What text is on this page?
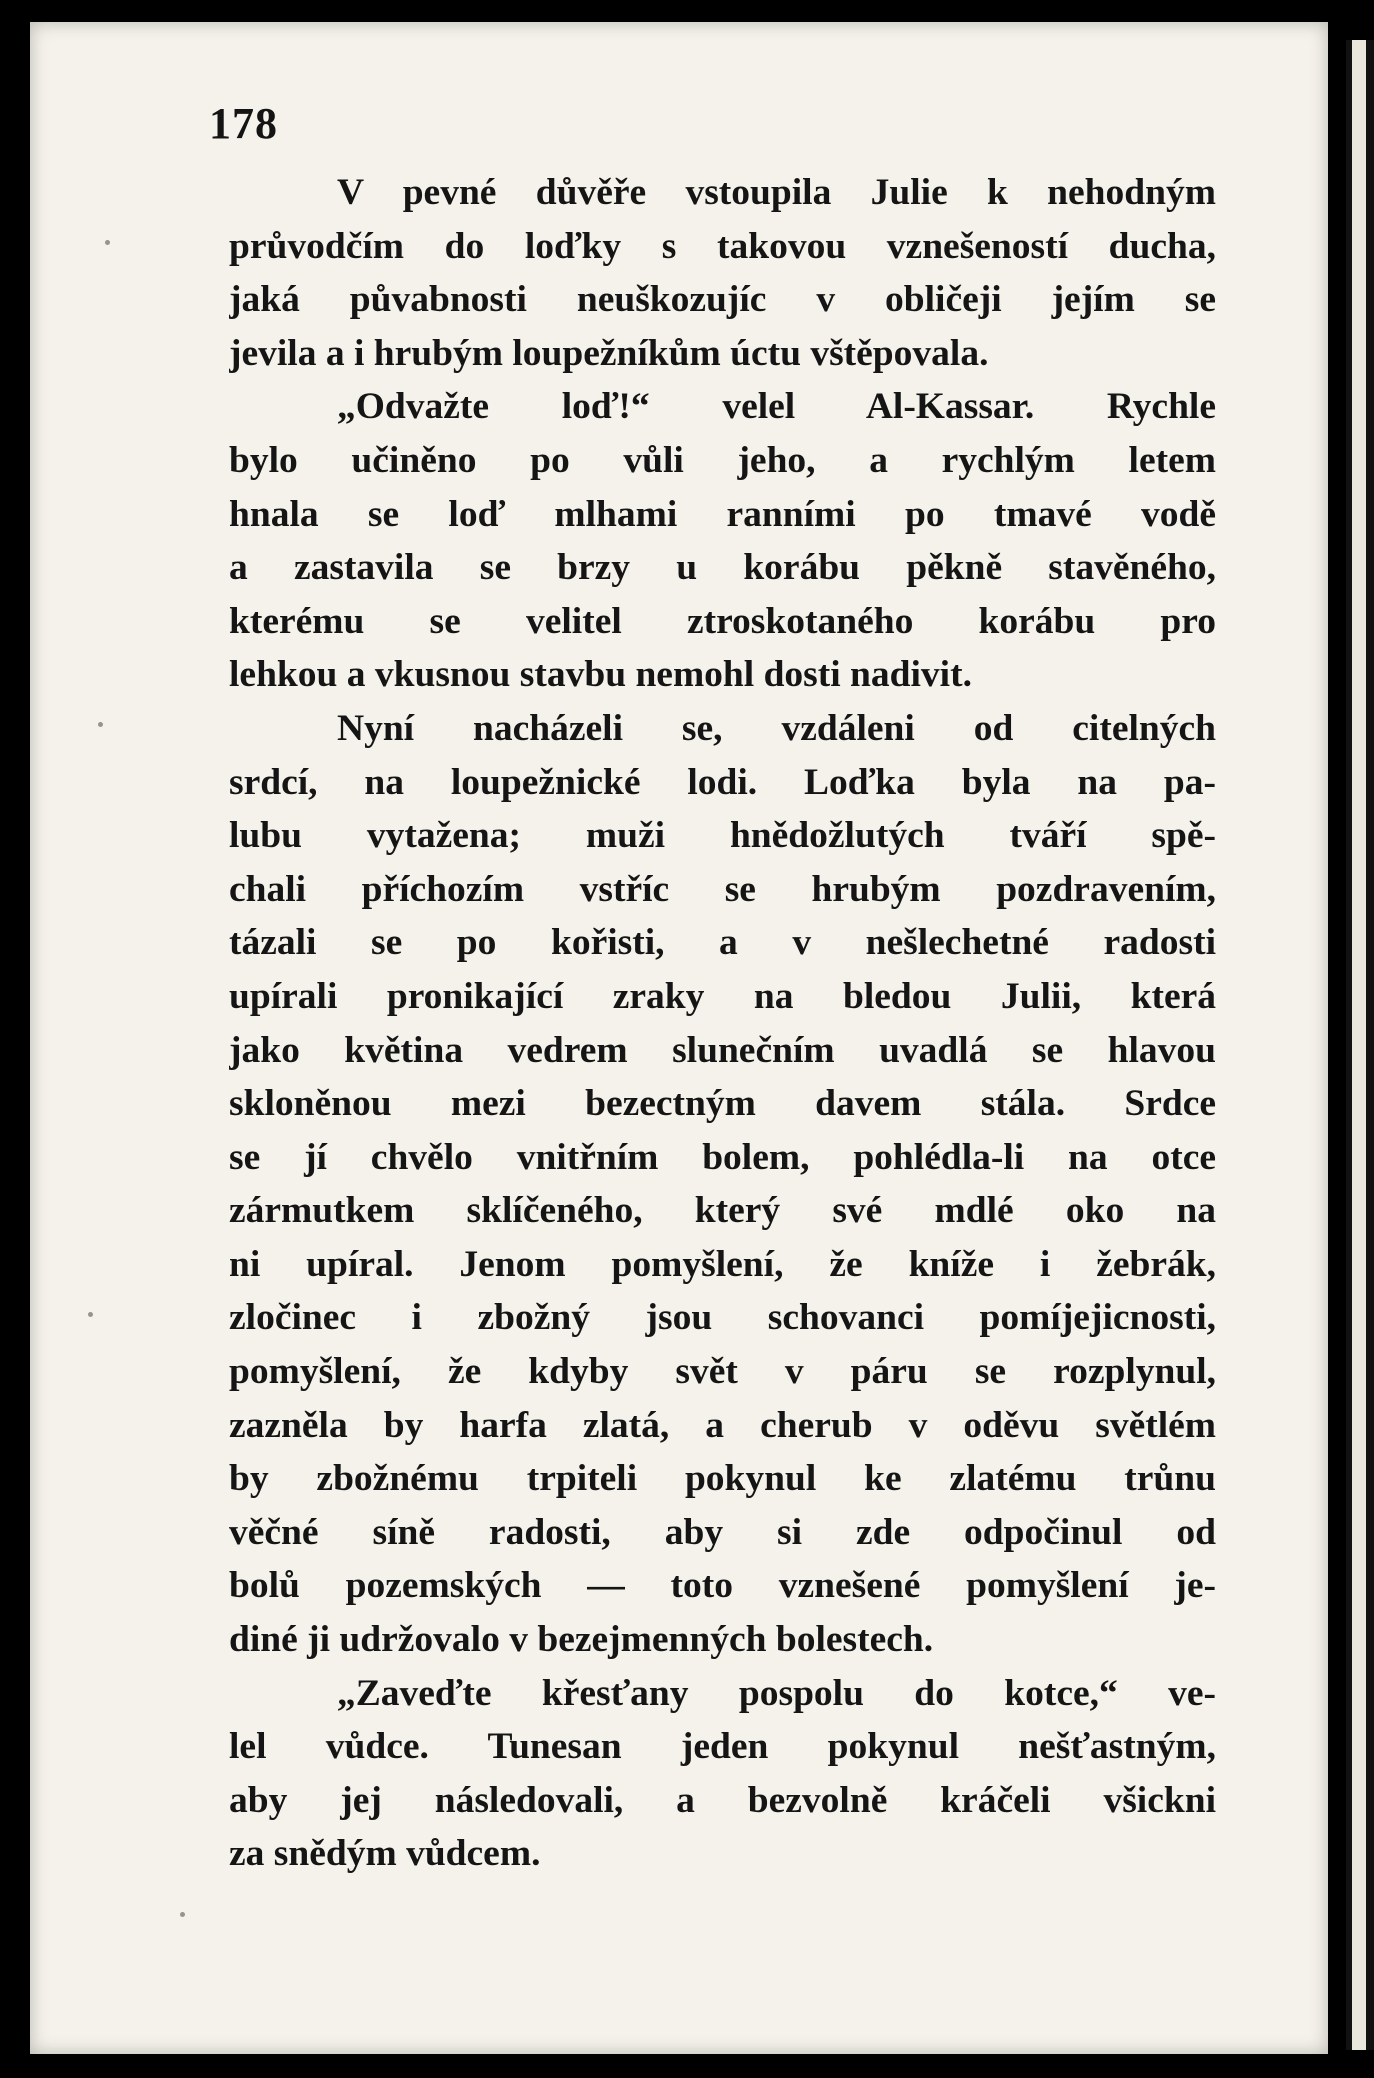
178
V pevné důvěře vstoupila Julie k nehodným
průvodčím do loďky s takovou vznešeností ducha,
jaká půvabnosti neuškozujíc v obličeji jejím se
jevila a i hrubým loupežníkům úctu vštěpovala.
„Odvažte loď!“ velel Al-Kassar. Rychle
bylo učiněno po vůli jeho, a rychlým letem
hnala se loď mlhami ranními po tmavé vodě
a zastavila se brzy u korábu pěkně stavěného,
kterému se velitel ztroskotaného korábu pro
lehkou a vkusnou stavbu nemohl dosti nadivit.
Nyní nacházeli se, vzdáleni od citelných
srdcí, na loupežnické lodi. Loďka byla na pa-
lubu vytažena; muži hnědožlutých tváří spě-
chali příchozím vstříc se hrubým pozdravením,
tázali se po kořisti, a v nešlechetné radosti
upírali pronikající zraky na bledou Julii, která
jako květina vedrem slunečním uvadlá se hlavou
skloněnou mezi bezectným davem stála. Srdce
se jí chvělo vnitřním bolem, pohlédla-li na otce
zármutkem sklíčeného, který své mdlé oko na
ni upíral. Jenom pomyšlení, že kníže i žebrák,
zločinec i zbožný jsou schovanci pomíjejicnosti,
pomyšlení, že kdyby svět v páru se rozplynul,
zazněla by harfa zlatá, a cherub v oděvu světlém
by zbožnému trpiteli pokynul ke zlatému trůnu
věčné síně radosti, aby si zde odpočinul od
bolů pozemských — toto vznešené pomyšlení je-
diné ji udržovalo v bezejmenných bolestech.
„Zaveďte křesťany pospolu do kotce,“ ve-
lel vůdce. Tunesan jeden pokynul nešťastným,
aby jej následovali, a bezvolně kráčeli všickni
za snědým vůdcem.
